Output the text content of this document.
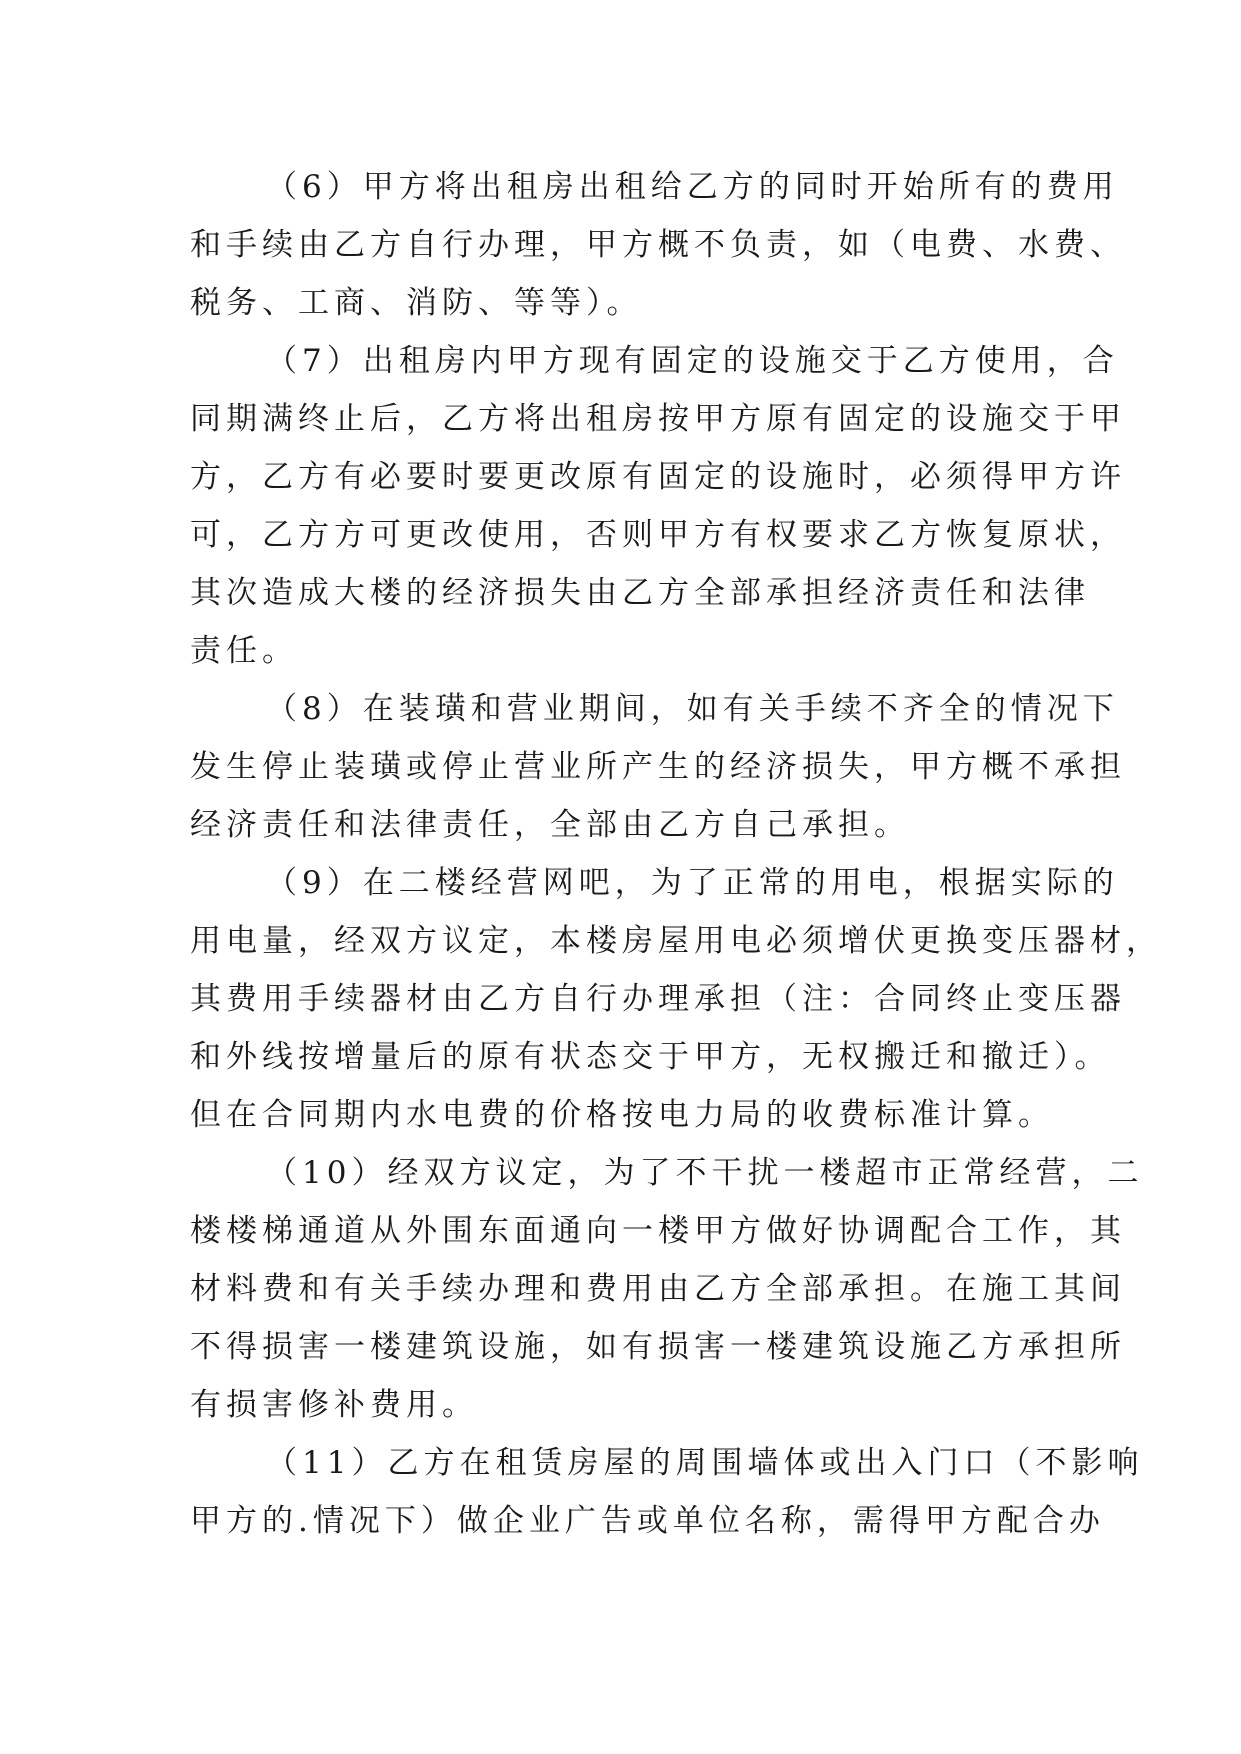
（6）甲方将出租房出租给乙方的同时开始所有的费用
和手续由乙方自行办理，甲方概不负责，如（电费、水费、
税务、工商、消防、等等）。
（7）出租房内甲方现有固定的设施交于乙方使用，合
同期满终止后，乙方将出租房按甲方原有固定的设施交于甲
方，乙方有必要时要更改原有固定的设施时，必须得甲方许
可，乙方方可更改使用，否则甲方有权要求乙方恢复原状，
其次造成大楼的经济损失由乙方全部承担经济责任和法律
责任。
（8）在装璜和营业期间，如有关手续不齐全的情况下
发生停止装璜或停止营业所产生的经济损失，甲方概不承担
经济责任和法律责任，全部由乙方自己承担。
（9）在二楼经营网吧，为了正常的用电，根据实际的
用电量，经双方议定，本楼房屋用电必须增伏更换变压器材，
其费用手续器材由乙方自行办理承担（注：合同终止变压器
和外线按增量后的原有状态交于甲方，无权搬迁和撤迁）。
但在合同期内水电费的价格按电力局的收费标准计算。
（10）经双方议定，为了不干扰一楼超市正常经营，二
楼楼梯通道从外围东面通向一楼甲方做好协调配合工作，其
材料费和有关手续办理和费用由乙方全部承担。在施工其间
不得损害一楼建筑设施，如有损害一楼建筑设施乙方承担所
有损害修补费用。
（11）乙方在租赁房屋的周围墙体或出入门口（不影响
甲方的.情况下）做企业广告或单位名称，需得甲方配合办
